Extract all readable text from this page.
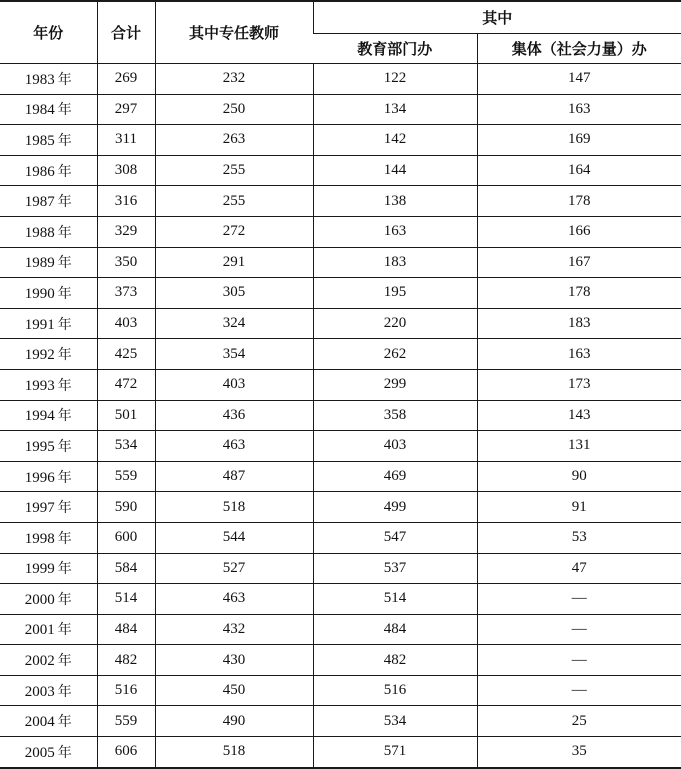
年份	合计	其中专任教师	其中	
			教育部门办	集体（社会力量）办
1983 年	269	232	122	147
1984 年	297	250	134	163
1985 年	311	263	142	169
1986 年	308	255	144	164
1987 年	316	255	138	178
1988 年	329	272	163	166
1989 年	350	291	183	167
1990 年	373	305	195	178
1991 年	403	324	220	183
1992 年	425	354	262	163
1993 年	472	403	299	173
1994 年	501	436	358	143
1995 年	534	463	403	131
1996 年	559	487	469	90
1997 年	590	518	499	91
1998 年	600	544	547	53
1999 年	584	527	537	47
2000 年	514	463	514	—
2001 年	484	432	484	—
2002 年	482	430	482	—
2003 年	516	450	516	—
2004 年	559	490	534	25
2005 年	606	518	571	35
